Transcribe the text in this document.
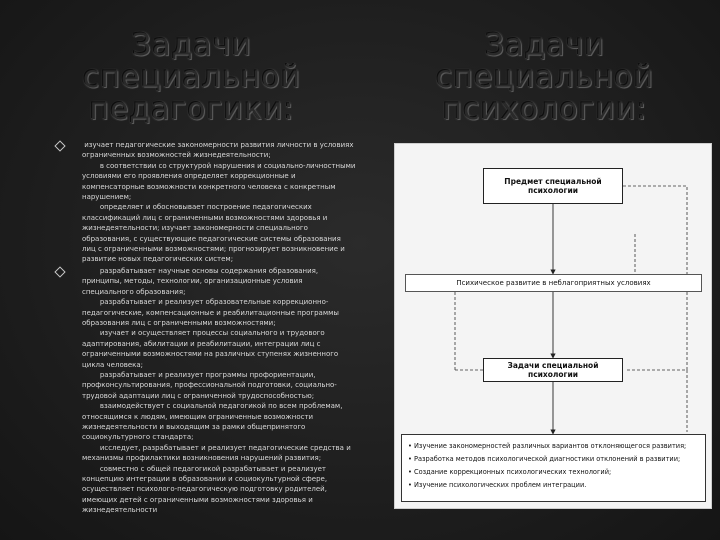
Задачи
специальной
педагогики:
Задачи
специальной
психологии:

изучает педагогические закономерности развития личности в условиях ограниченных возможностей жизнедеятельности;
в соответствии со структурой нарушения и социально-личностными условиями его проявления определяет коррекционные и компенсаторные возможности конкретного человека с конкретным нарушением;
определяет и обосновывает построение педагогических классификаций лиц с ограниченными возможностями здоровья и жизнедеятельности; изучает закономерности специального образования, с существующие педагогические системы образования лиц с ограниченными возможностями; прогнозирует возникновение и развитие новых педагогических систем;

разрабатывает научные основы содержания образования, принципы, методы, технологии, организационные условия специального образования;
разрабатывает и реализует образовательные коррекционно-педагогические, компенсационные и реабилитационные программы образования лиц с ограниченными возможностями;
изучает и осуществляет процессы социального и трудового адаптирования, абилитации и реабилитации, интеграции лиц с ограниченными возможностями на различных ступенях жизненного цикла человека;
разрабатывает и реализует программы профориентации, профконсультирования, профессиональной подготовки, социально-трудовой адаптации лиц с ограниченной трудоспособностью;
взаимодействует с социальной педагогикой по всем проблемам, относящимся к людям, имеющим ограниченные возможности жизнедеятельности и выходящим за рамки общепринятого социокультурного стандарта;
исследует, разрабатывает и реализует педагогические средства и механизмы профилактики возникновения нарушений развития;
совместно с общей педагогикой разрабатывает и реализует концепцию интеграции в образовании и социокультурной сфере, осуществляет психолого-педагогическую подготовку родителей, имеющих детей с ограниченными возможностями здоровья и жизнедеятельности

Предмет специальной психологии
Психическое развитие в неблагоприятных условиях
Задачи специальной психологии
• Изучение закономерностей различных вариантов отклоняющегося развития;
• Разработка методов психологической диагностики отклонений в развитии;
• Создание коррекционных психологических технологий;
• Изучение психологических проблем интеграции.
